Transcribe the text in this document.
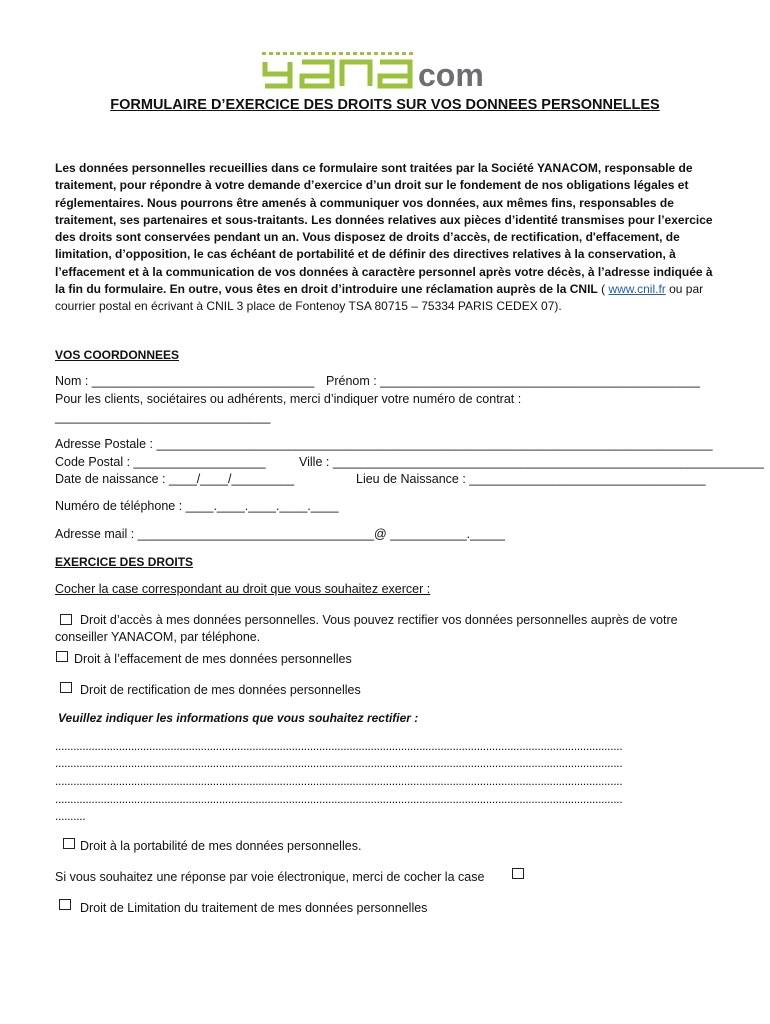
com
FORMULAIRE D’EXERCICE DES DROITS SUR VOS DONNEES PERSONNELLES
Les données personnelles recueillies dans ce formulaire sont traitées par la Société YANACOM, responsable de traitement, pour répondre à votre demande d’exercice d’un droit sur le fondement de nos obligations légales et réglementaires. Nous pourrons être amenés à communiquer vos données, aux mêmes fins, responsables de traitement, ses partenaires et sous-traitants. Les données relatives aux pièces d’identité transmises pour l’exercice des droits sont conservées pendant un an. Vous disposez de droits d’accès, de rectification, d'effacement, de limitation, d’opposition, le cas échéant de portabilité et de définir des directives relatives à la conservation, à l’effacement et à la communication de vos données à caractère personnel après votre décès, à l’adresse indiquée à la fin du formulaire. En outre, vous êtes en droit d’introduire une réclamation auprès de la CNIL ( www.cnil.fr ou par courrier postal en écrivant à CNIL 3 place de Fontenoy TSA 80715 – 75334 PARIS CEDEX 07).
VOS COORDONNEES
Nom : ________________________________ Prénom : ______________________________________________
Pour les clients, sociétaires ou adhérents, merci d’indiquer votre numéro de contrat :
_______________________________
Adresse Postale : ________________________________________________________________________________
Code Postal : ___________________	Ville : ______________________________________________________________
Date de naissance : ____/____/_________	Lieu de Naissance : __________________________________
Numéro de téléphone : ____.____.____.____.____
Adresse mail : __________________________________@ ___________._____
EXERCICE DES DROITS
Cocher la case correspondant au droit que vous souhaitez exercer :
Droit d’accès à mes données personnelles. Vous pouvez rectifier vos données personnelles auprès de votre
conseiller YANACOM, par téléphone.
Droit à l’effacement de mes données personnelles
Droit de rectification de mes données personnelles
Veuillez indiquer les informations que vous souhaitez rectifier :
...........................................................................................................................................................................................
...........................................................................................................................................................................................
...........................................................................................................................................................................................
...........................................................................................................................................................................................
..........
Droit à la portabilité de mes données personnelles.
Si vous souhaitez une réponse par voie électronique, merci de cocher la case
Droit de Limitation du traitement de mes données personnelles
